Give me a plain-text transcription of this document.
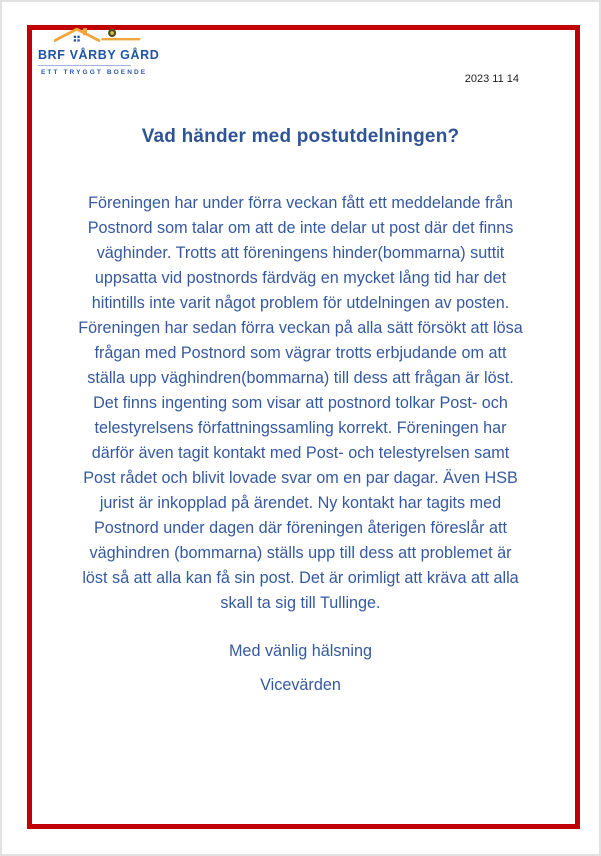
BRF VÅRBY GÅRD
ETT TRYGGT BOENDE
2023 11 14
Vad händer med postutdelningen?
Föreningen har under förra veckan fått ett meddelande från
Postnord som talar om att de inte delar ut post där det finns
väghinder. Trotts att föreningens hinder(bommarna) suttit
uppsatta vid postnords färdväg en mycket lång tid har det
hitintills inte varit något problem för utdelningen av posten.
Föreningen har sedan förra veckan på alla sätt försökt att lösa
frågan med Postnord som vägrar trotts erbjudande om att
ställa upp väghindren(bommarna) till dess att frågan är löst.
Det finns ingenting som visar att postnord tolkar Post- och
telestyrelsens författningssamling korrekt. Föreningen har
därför även tagit kontakt med Post- och telestyrelsen samt
Post rådet och blivit lovade svar om en par dagar. Även HSB
jurist är inkopplad på ärendet. Ny kontakt har tagits med
Postnord under dagen där föreningen återigen föreslår att
väghindren (bommarna) ställs upp till dess att problemet är
löst så att alla kan få sin post. Det är orimligt att kräva att alla
skall ta sig till Tullinge.
Med vänlig hälsning
Vicevärden
